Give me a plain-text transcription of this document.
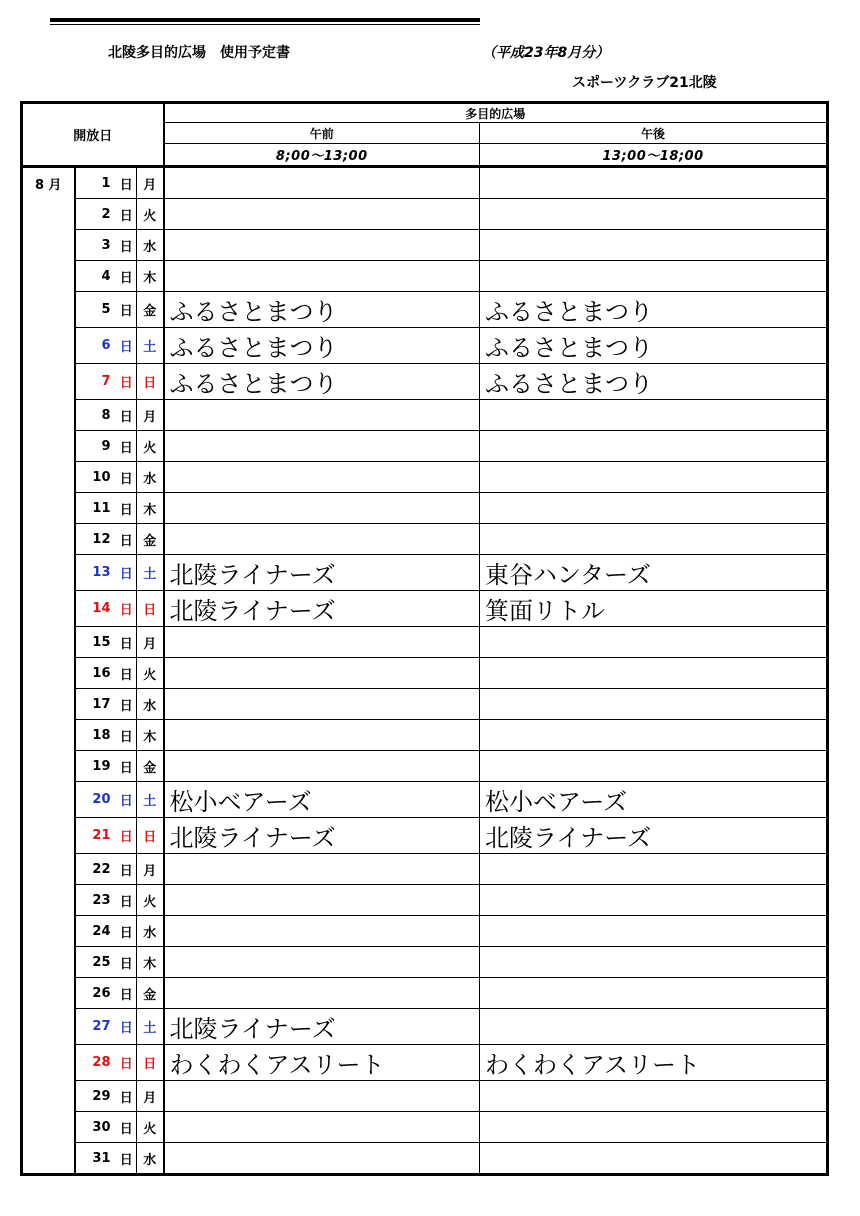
北陵多目的広場　使用予定書	（平成23年8月分）
スポーツクラブ21北陵
開放日				多目的広場	
				午前	午後
				8;00～13;00	13;00～18;00
8 月	1	日	月		
	2	日	火		
	3	日	水		
	4	日	木		
	5	日	金	ふるさとまつり	ふるさとまつり
	6	日	土	ふるさとまつり	ふるさとまつり
	7	日	日	ふるさとまつり	ふるさとまつり
	8	日	月		
	9	日	火		
	10	日	水		
	11	日	木		
	12	日	金		
	13	日	土	北陵ライナーズ	東谷ハンターズ
	14	日	日	北陵ライナーズ	箕面リトル
	15	日	月		
	16	日	火		
	17	日	水		
	18	日	木		
	19	日	金		
	20	日	土	松小ベアーズ	松小ベアーズ
	21	日	日	北陵ライナーズ	北陵ライナーズ
	22	日	月		
	23	日	火		
	24	日	水		
	25	日	木		
	26	日	金		
	27	日	土	北陵ライナーズ	
	28	日	日	わくわくアスリート	わくわくアスリート
	29	日	月		
	30	日	火		
	31	日	水		
